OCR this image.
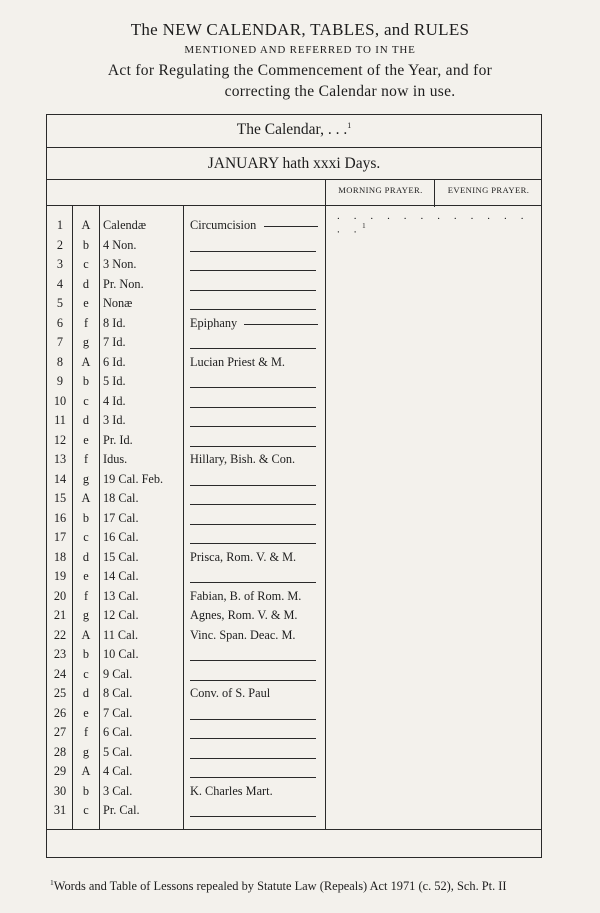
The NEW CALENDAR, TABLES, and RULES
MENTIONED AND REFERRED TO IN THE
Act for Regulating the Commencement of the Year, and for
correcting the Calendar now in use.
The Calendar, . . .$^1$
JANUARY hath xxxi Days.
MORNING PRAYER.	EVENING PRAYER.
. . . . . . . . . . . . . .$^1$
1	A	Calendæ	Circumcision
2	b	4 Non.
3	c	3 Non.
4	d	Pr. Non.
5	e	Nonæ
6	f	8 Id.	Epiphany
7	g	7 Id.
8	A	6 Id.	Lucian Priest & M.
9	b	5 Id.
10	c	4 Id.
11	d	3 Id.
12	e	Pr. Id.
13	f	Idus.	Hillary, Bish. & Con.
14	g	19 Cal. Feb.
15	A	18 Cal.
16	b	17 Cal.
17	c	16 Cal.
18	d	15 Cal.	Prisca, Rom. V. & M.
19	e	14 Cal.
20	f	13 Cal.	Fabian, B. of Rom. M.
21	g	12 Cal.	Agnes, Rom. V. & M.
22	A	11 Cal.	Vinc. Span. Deac. M.
23	b	10 Cal.
24	c	9 Cal.
25	d	8 Cal.	Conv. of S. Paul
26	e	7 Cal.
27	f	6 Cal.
28	g	5 Cal.
29	A	4 Cal.
30	b	3 Cal.	K. Charles Mart.
31	c	Pr. Cal.
$^1$Words and Table of Lessons repealed by Statute Law (Repeals) Act 1971 (c. 52), Sch. Pt. II
